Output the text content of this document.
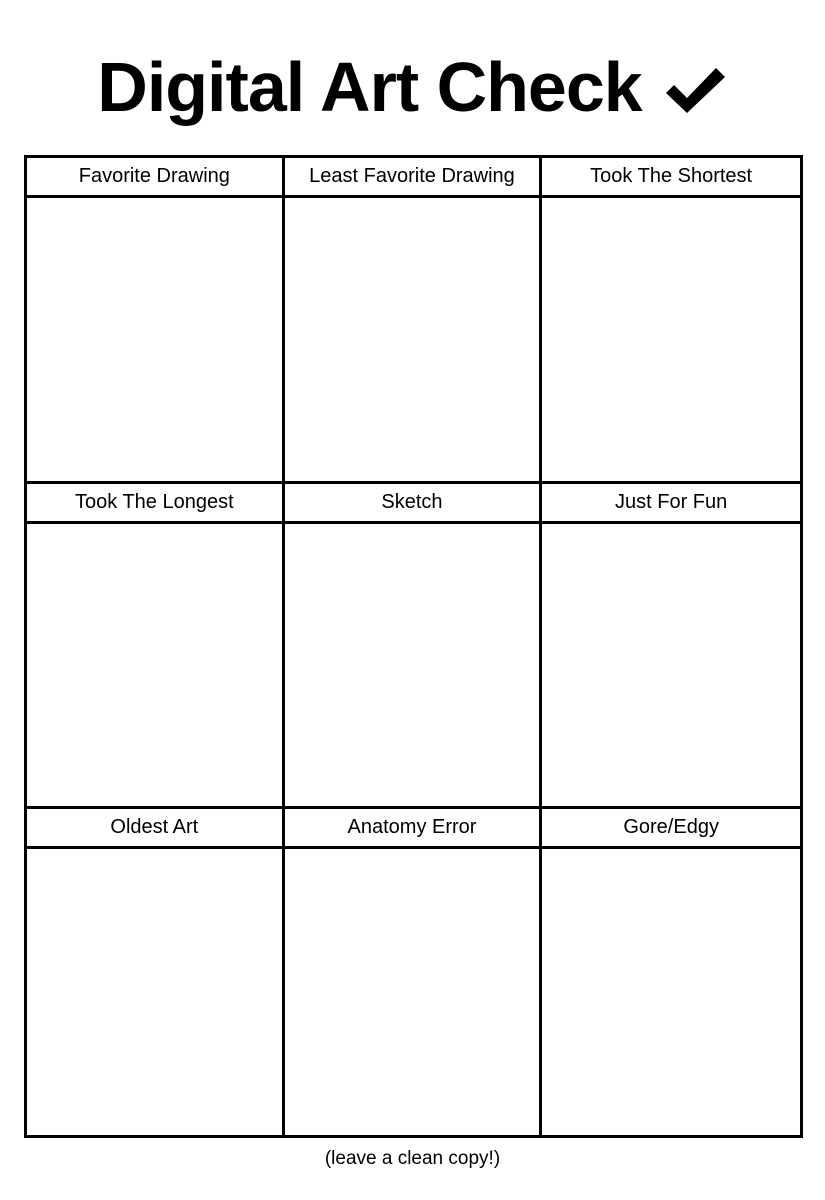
Digital Art Check
Favorite Drawing	Least Favorite Drawing	Took The Shortest
Took The Longest	Sketch	Just For Fun
Oldest Art	Anatomy Error	Gore/Edgy
(leave a clean copy!)
